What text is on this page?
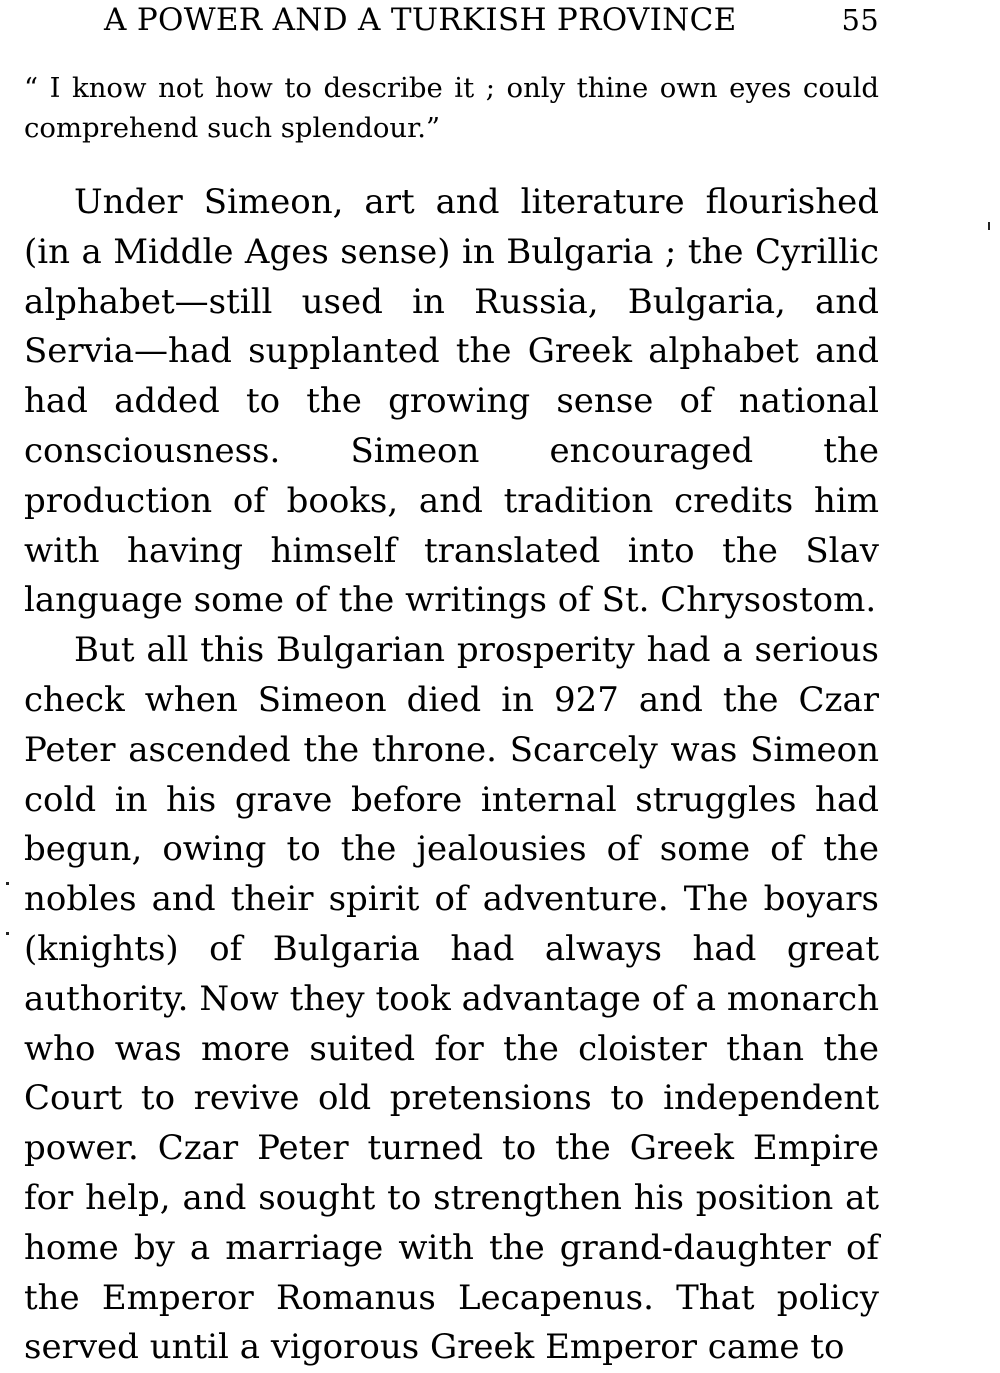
A POWER AND A TURKISH PROVINCE	55

“ I know not how to describe it ; only thine own eyes could comprehend such splendour.”

Under Simeon, art and literature flourished (in a Middle Ages sense) in Bulgaria ; the Cyrillic alphabet—still used in Russia, Bulgaria, and Servia—had supplanted the Greek alphabet and had added to the growing sense of national consciousness. Simeon encouraged the production of books, and tradition credits him with having himself translated into the Slav language some of the writings of St. Chrysostom.

But all this Bulgarian prosperity had a serious check when Simeon died in 927 and the Czar Peter ascended the throne. Scarcely was Simeon cold in his grave before internal struggles had begun, owing to the jealousies of some of the nobles and their spirit of adventure. The boyars (knights) of Bulgaria had always had great authority. Now they took advantage of a monarch who was more suited for the cloister than the Court to revive old pretensions to independent power. Czar Peter turned to the Greek Empire for help, and sought to strengthen his position at home by a marriage with the grand-daughter of the Emperor Romanus Lecapenus. That policy served until a vigorous Greek Emperor came to
